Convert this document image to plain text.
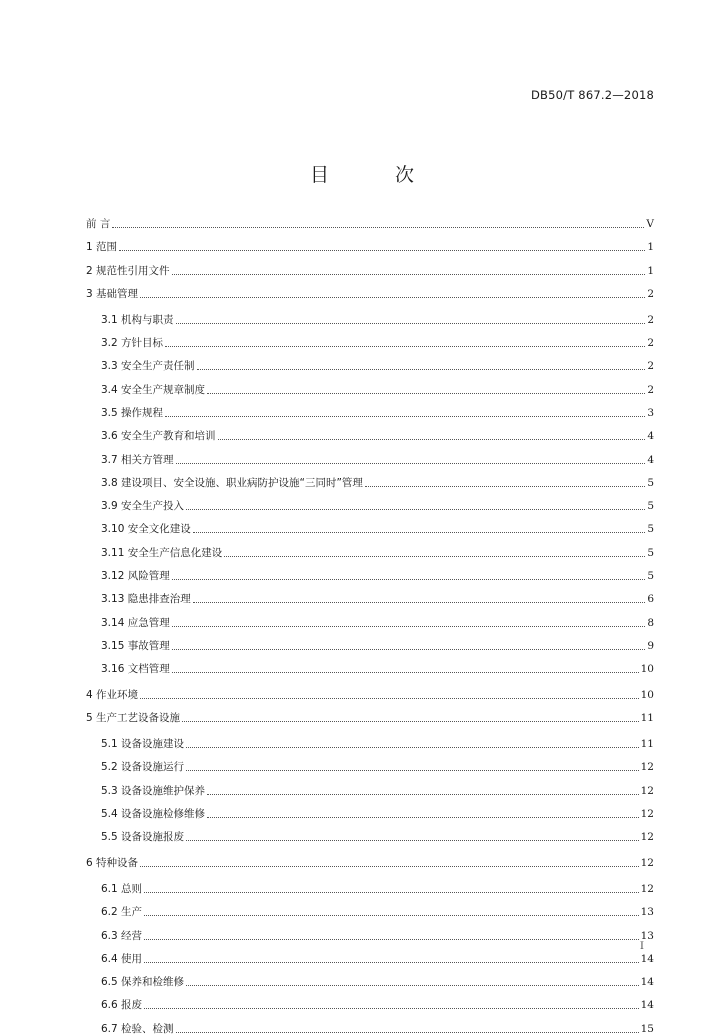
DB50/T 867.2—2018
目 次
前 言	V
1 范围	1
2 规范性引用文件	1
3 基础管理	2
3.1 机构与职责	2
3.2 方针目标	2
3.3 安全生产责任制	2
3.4 安全生产规章制度	2
3.5 操作规程	3
3.6 安全生产教育和培训	4
3.7 相关方管理	4
3.8 建设项目、安全设施、职业病防护设施“三同时”管理	5
3.9 安全生产投入	5
3.10 安全文化建设	5
3.11 安全生产信息化建设	5
3.12 风险管理	5
3.13 隐患排查治理	6
3.14 应急管理	8
3.15 事故管理	9
3.16 文档管理	10
4 作业环境	10
5 生产工艺设备设施	11
5.1 设备设施建设	11
5.2 设备设施运行	12
5.3 设备设施维护保养	12
5.4 设备设施检修维修	12
5.5 设备设施报废	12
6 特种设备	12
6.1 总则	12
6.2 生产	13
6.3 经营	13
6.4 使用	14
6.5 保养和检维修	14
6.6 报废	14
6.7 检验、检测	15
I
